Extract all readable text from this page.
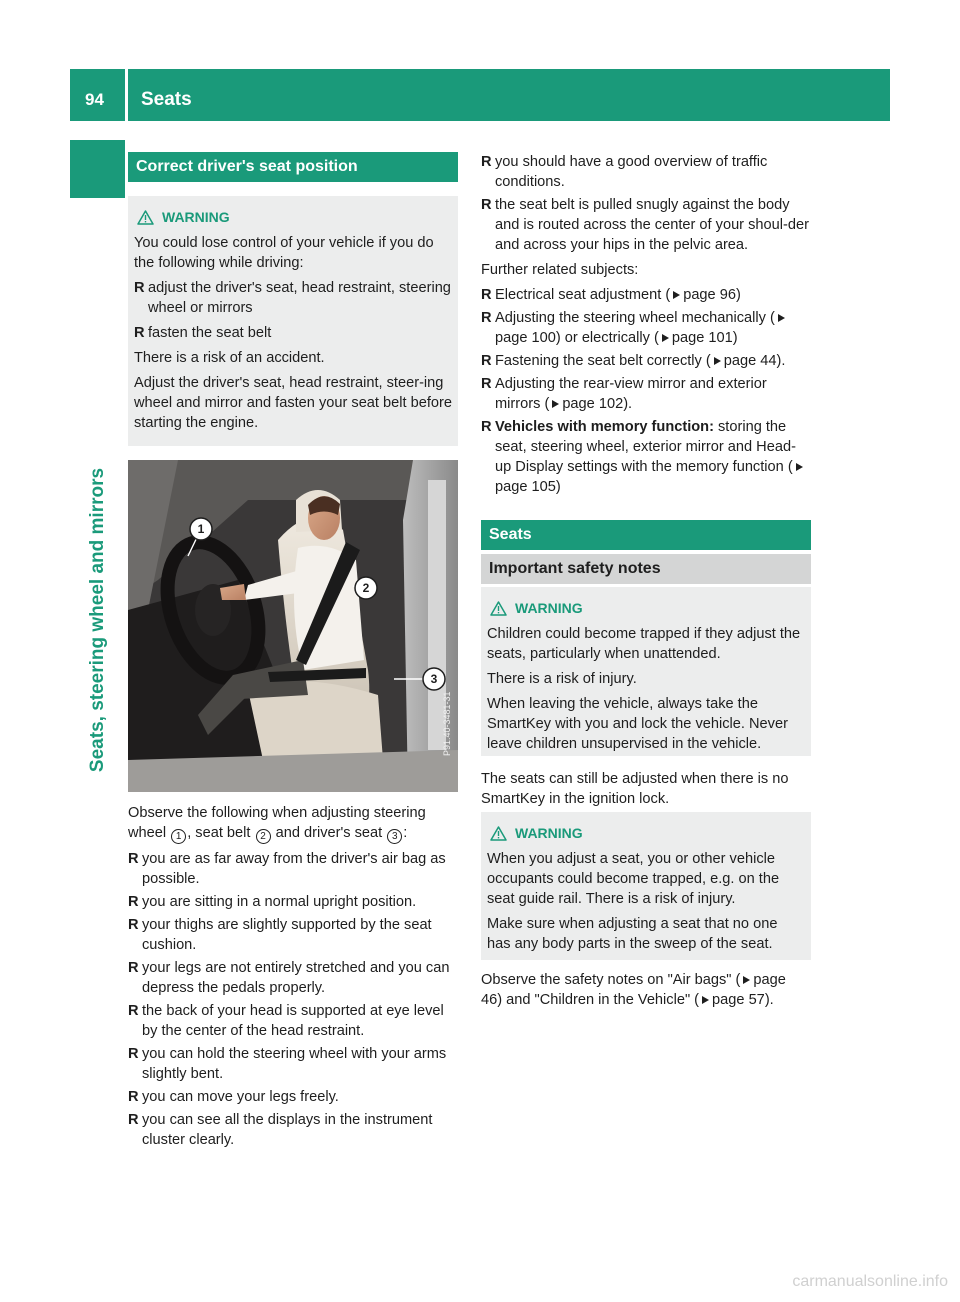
94 Seats
Seats, steering wheel and mirrors
Correct driver's seat position
WARNING

You could lose control of your vehicle if you do the following while driving:

R adjust the driver's seat, head restraint, steering wheel or mirrors
R fasten the seat belt

There is a risk of an accident.

Adjust the driver's seat, head restraint, steer-ing wheel and mirror and fasten your seat belt before starting the engine.

1
2
3
P91.40-3481-31

Observe the following when adjusting steering wheel 1 , seat belt 2 and driver's seat 3 :

R you are as far away from the driver's air bag as possible.
R you are sitting in a normal upright position.
R your thighs are slightly supported by the seat cushion.
R your legs are not entirely stretched and you can depress the pedals properly.
R the back of your head is supported at eye level by the center of the head restraint.
R you can hold the steering wheel with your arms slightly bent.
R you can move your legs freely.
R you can see all the displays in the instrument cluster clearly.
R you should have a good overview of traffic conditions.
R the seat belt is pulled snugly against the body and is routed across the center of your shoul-der and across your hips in the pelvic area.

Further related subjects:

R Electrical seat adjustment ( page 96)
R Adjusting the steering wheel mechanically (page 100) or electrically ( page 101)
R Fastening the seat belt correctly ( page 44).
R Adjusting the rear-view mirror and exterior mirrors ( page 102).
R Vehicles with memory function: storing the seat, steering wheel, exterior mirror and Head-up Display settings with the memory function (page 105)
Seats
Important safety notes
WARNING

Children could become trapped if they adjust the seats, particularly when unattended.

There is a risk of injury.

When leaving the vehicle, always take the SmartKey with you and lock the vehicle. Never leave children unsupervised in the vehicle.

The seats can still be adjusted when there is no SmartKey in the ignition lock.

WARNING

When you adjust a seat, you or other vehicle occupants could become trapped, e.g. on the seat guide rail. There is a risk of injury.

Make sure when adjusting a seat that no one has any body parts in the sweep of the seat.

Observe the safety notes on "Air bags" ( page 46) and "Children in the Vehicle" ( page 57).

carmanualsonline.info
